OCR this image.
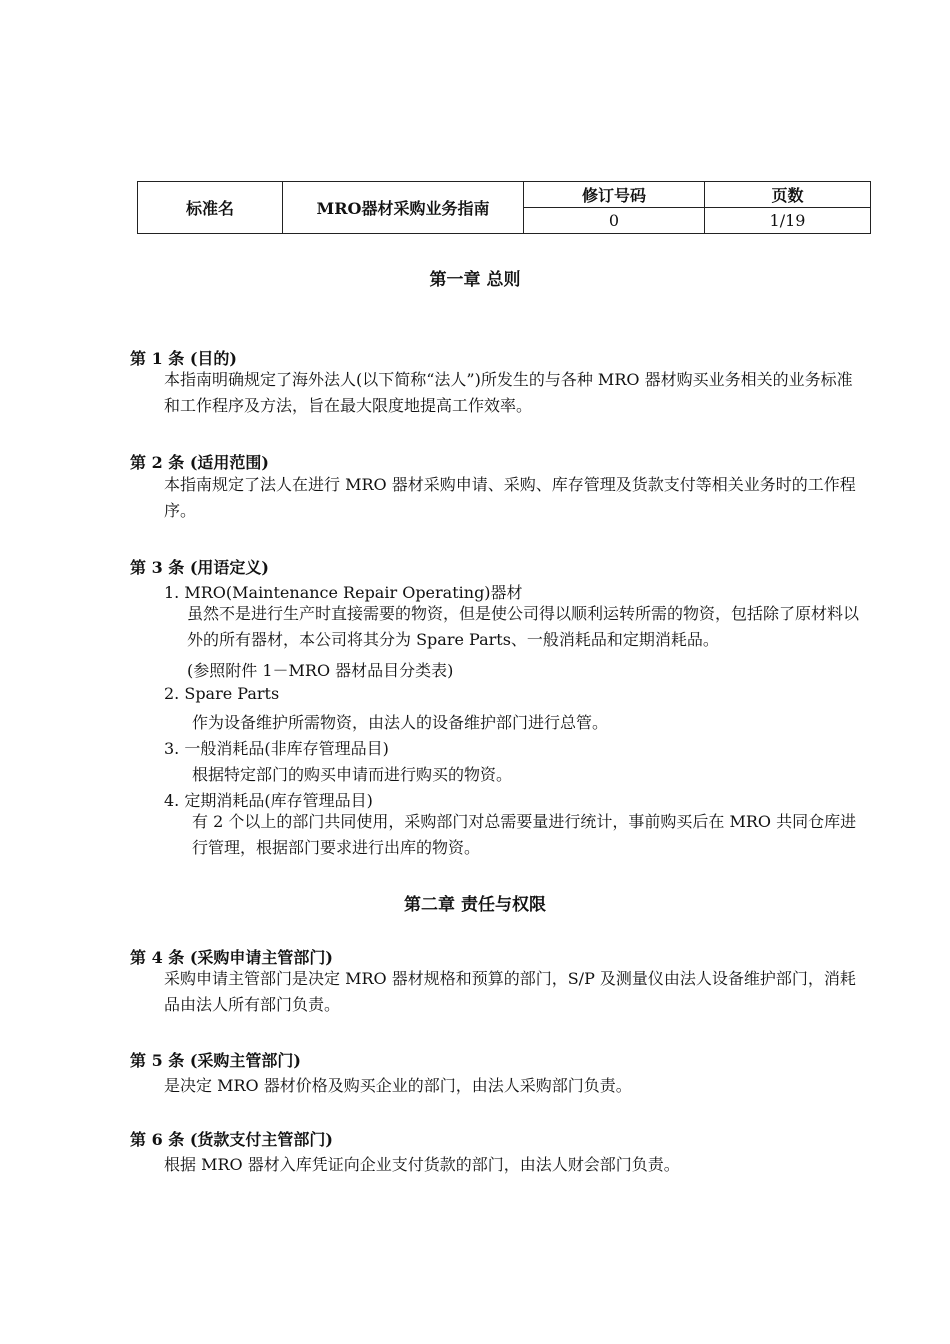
标准名	MRO器材采购业务指南	修订号码	页数
		0	1/19
第一章 总则
第 1 条 (目的)
本指南明确规定了海外法人(以下简称“法人”)所发生的与各种 MRO 器材购买业务相关的业务标准和工作程序及方法，旨在最大限度地提高工作效率。
第 2 条 (适用范围)
本指南规定了法人在进行 MRO 器材采购申请、采购、库存管理及货款支付等相关业务时的工作程序。
第 3 条 (用语定义)
1. MRO(Maintenance Repair Operating)器材
虽然不是进行生产时直接需要的物资，但是使公司得以顺利运转所需的物资，包括除了原材料以外的所有器材，本公司将其分为 Spare Parts、一般消耗品和定期消耗品。
(参照附件 1－MRO 器材品目分类表)
2. Spare Parts
作为设备维护所需物资，由法人的设备维护部门进行总管。
3. 一般消耗品(非库存管理品目)
根据特定部门的购买申请而进行购买的物资。
4. 定期消耗品(库存管理品目)
有 2 个以上的部门共同使用，采购部门对总需要量进行统计，事前购买后在 MRO 共同仓库进行管理，根据部门要求进行出库的物资。
第二章 责任与权限
第 4 条 (采购申请主管部门)
采购申请主管部门是决定 MRO 器材规格和预算的部门，S/P 及测量仪由法人设备维护部门，消耗品由法人所有部门负责。
第 5 条 (采购主管部门)
是决定 MRO 器材价格及购买企业的部门，由法人采购部门负责。
第 6 条 (货款支付主管部门)
根据 MRO 器材入库凭证向企业支付货款的部门，由法人财会部门负责。
